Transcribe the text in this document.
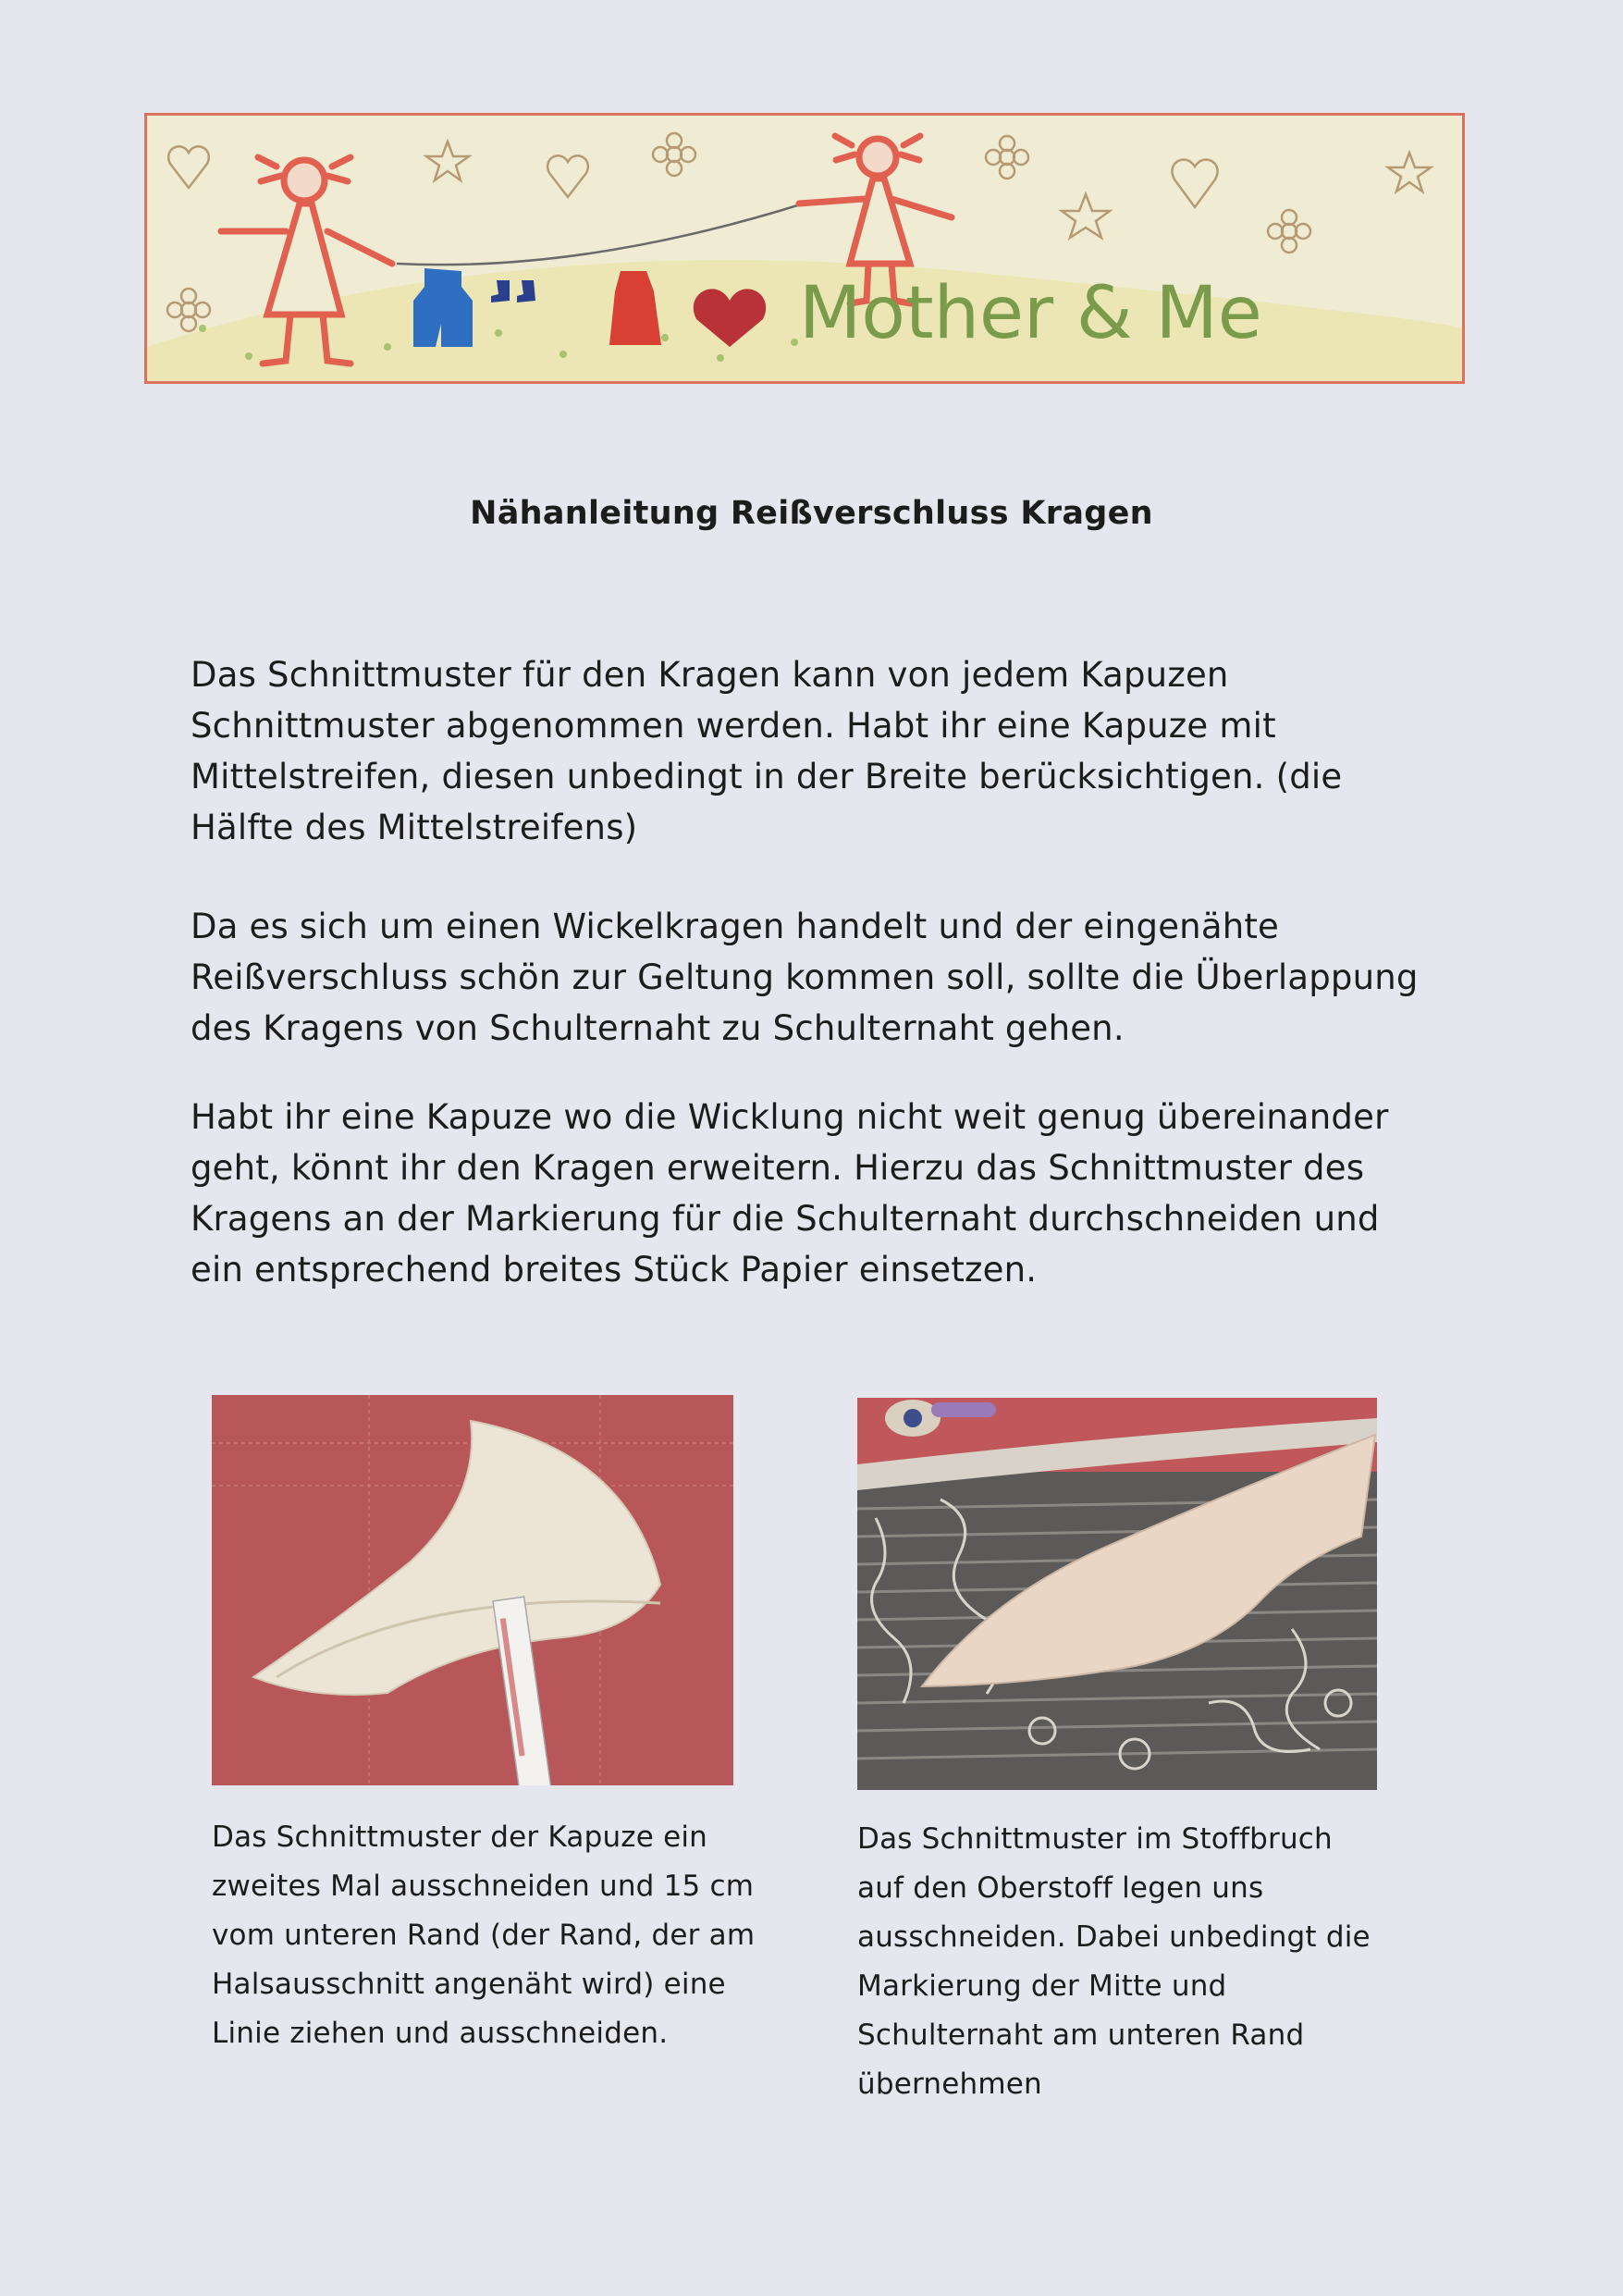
Mother & Me
Nähanleitung Reißverschluss Kragen

Das Schnittmuster für den Kragen kann von jedem Kapuzen
Schnittmuster abgenommen werden. Habt ihr eine Kapuze mit
Mittelstreifen, diesen unbedingt in der Breite berücksichtigen. (die
Hälfte des Mittelstreifens)

Da es sich um einen Wickelkragen handelt und der eingenähte
Reißverschluss schön zur Geltung kommen soll, sollte die Überlappung
des Kragens von Schulternaht zu Schulternaht gehen.

Habt ihr eine Kapuze wo die Wicklung nicht weit genug übereinander
geht, könnt ihr den Kragen erweitern. Hierzu das Schnittmuster des
Kragens an der Markierung für die Schulternaht durchschneiden und
ein entsprechend breites Stück Papier einsetzen.

Das Schnittmuster der Kapuze ein
zweites Mal ausschneiden und 15 cm
vom unteren Rand (der Rand, der am
Halsausschnitt angenäht wird) eine
Linie ziehen und ausschneiden.

Das Schnittmuster im Stoffbruch
auf den Oberstoff legen uns
ausschneiden. Dabei unbedingt die
Markierung der Mitte und
Schulternaht am unteren Rand
übernehmen
